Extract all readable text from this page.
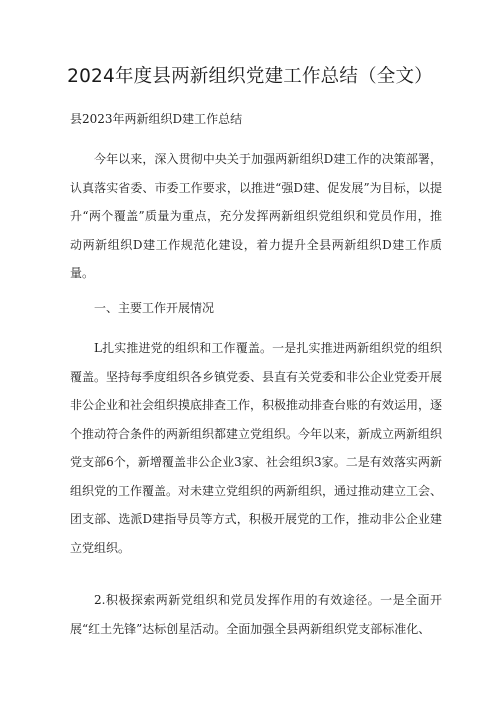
2024年度县两新组织党建工作总结（全文）
县2023年两新组织D建工作总结

今年以来，深入贯彻中央关于加强两新组织D建工作的决策部署，认真落实省委、市委工作要求，以推进“强D建、促发展”为目标，以提升“两个覆盖”质量为重点，充分发挥两新组织党组织和党员作用，推动两新组织D建工作规范化建设，着力提升全县两新组织D建工作质量。

一、主要工作开展情况

L扎实推进党的组织和工作覆盖。一是扎实推进两新组织党的组织覆盖。坚持每季度组织各乡镇党委、县直有关党委和非公企业党委开展非公企业和社会组织摸底排查工作，积极推动排查台账的有效运用，逐个推动符合条件的两新组织都建立党组织。今年以来，新成立两新组织党支部6个，新增覆盖非公企业3家、社会组织3家。二是有效落实两新组织党的工作覆盖。对未建立党组织的两新组织，通过推动建立工会、团支部、选派D建指导员等方式，积极开展党的工作，推动非公企业建立党组织。

2.积极探索两新党组织和党员发挥作用的有效途径。一是全面开展“红土先锋”达标创星活动。全面加强全县两新组织党支部标准化、
